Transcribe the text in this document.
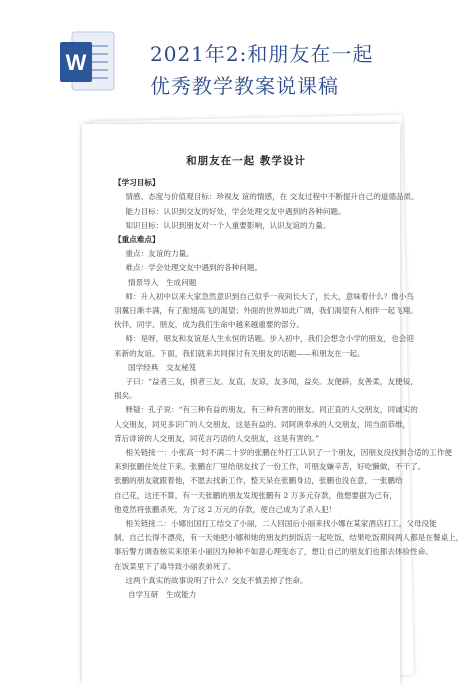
W	2021年2:和朋友在一起
优秀教学教案说课稿
和朋友在一起 教学设计
【学习目标】
情感、态度与价值观目标：珍视友 谊的情感，在 交友过程中不断提升自己的道德品质。
能力目标：认识到交友的好处，学会处理交友中遇到的各种问题。
知识目标：认识到朋友对一个人重要影响，认识友谊的力量。
【重点难点】
重点：友谊的力量。
难点：学会处理交友中遇到的各种问题。
情景导入　生成问题
师：升入初中以来大家急然意识到自己似乎一夜间长大了，长大，意味着什么？像小鸟
羽翼日渐丰满，有了振翅高飞的渴望；外面的世界如此广阔，我们渴望有人相伴一起飞翔。
伙伴、同学、朋友，成为我们生命中越来越重要的部分。
师：是呀，朋友和友谊是人生永恒的话题。步入初中，我们会想念小学的朋友，也会迎
来新的友谊。下面，我们就来共同探讨有关朋友的话题——和朋友在一起。
国学经典　交友秘笈
子曰：“益者三友，损者三友。友直，友谅，友多闻，益矣。友便辟，友善柔，友便佞，
损矣。
释疑：孔子说：“有三种有益的朋友，有三种有害的朋友。同正直的人交朋友，同诚实的
人交朋友，同见多识广的人交朋友，这是有益的。同阿谀奉承的人交朋友，同当面恭维，
背后诽谤的人交朋友，同花言巧语的人交朋友，这是有害的。”
相关链接一：小张高一时不满二十岁的张鹏在外打工认识了一个朋友，因朋友没找到合适的工作便
来到张鹏住处住下来。张鹏在厂里给朋友找了一份工作，可朋友嫌辛苦，好吃懒做，不干了。
张鹏的朋友就跟着他，不愿去找新工作，整天呆在张鹏身边，张鹏也没在意，一张鹏给
自己花，这还不算，有一天张鹏的朋友发现张鹏有 2 万多元存款，他想要据为己有，
他竟然将张鹏杀死，为了这 2 万元的存款，使自己成为了杀人犯！
相关链接二：小娜出国打工结交了小丽，二人回国后小丽来找小娜在某家酒店打工，父母没能
制，自己长得不漂亮，有一天她把小娜和她的朋友约到饭店一起吃饭，结果吃饭期间两人都是在餐桌上，
事后警方调查核实来原来小丽因为种种不如意心理变态了，想让自己的朋友们也都去体验性命。
在饭菜里下了毒导致小丽表弟死了。
这两个真实的故事说明了什么？交友不慎丢掉了性命。
自学互研　生成能力
